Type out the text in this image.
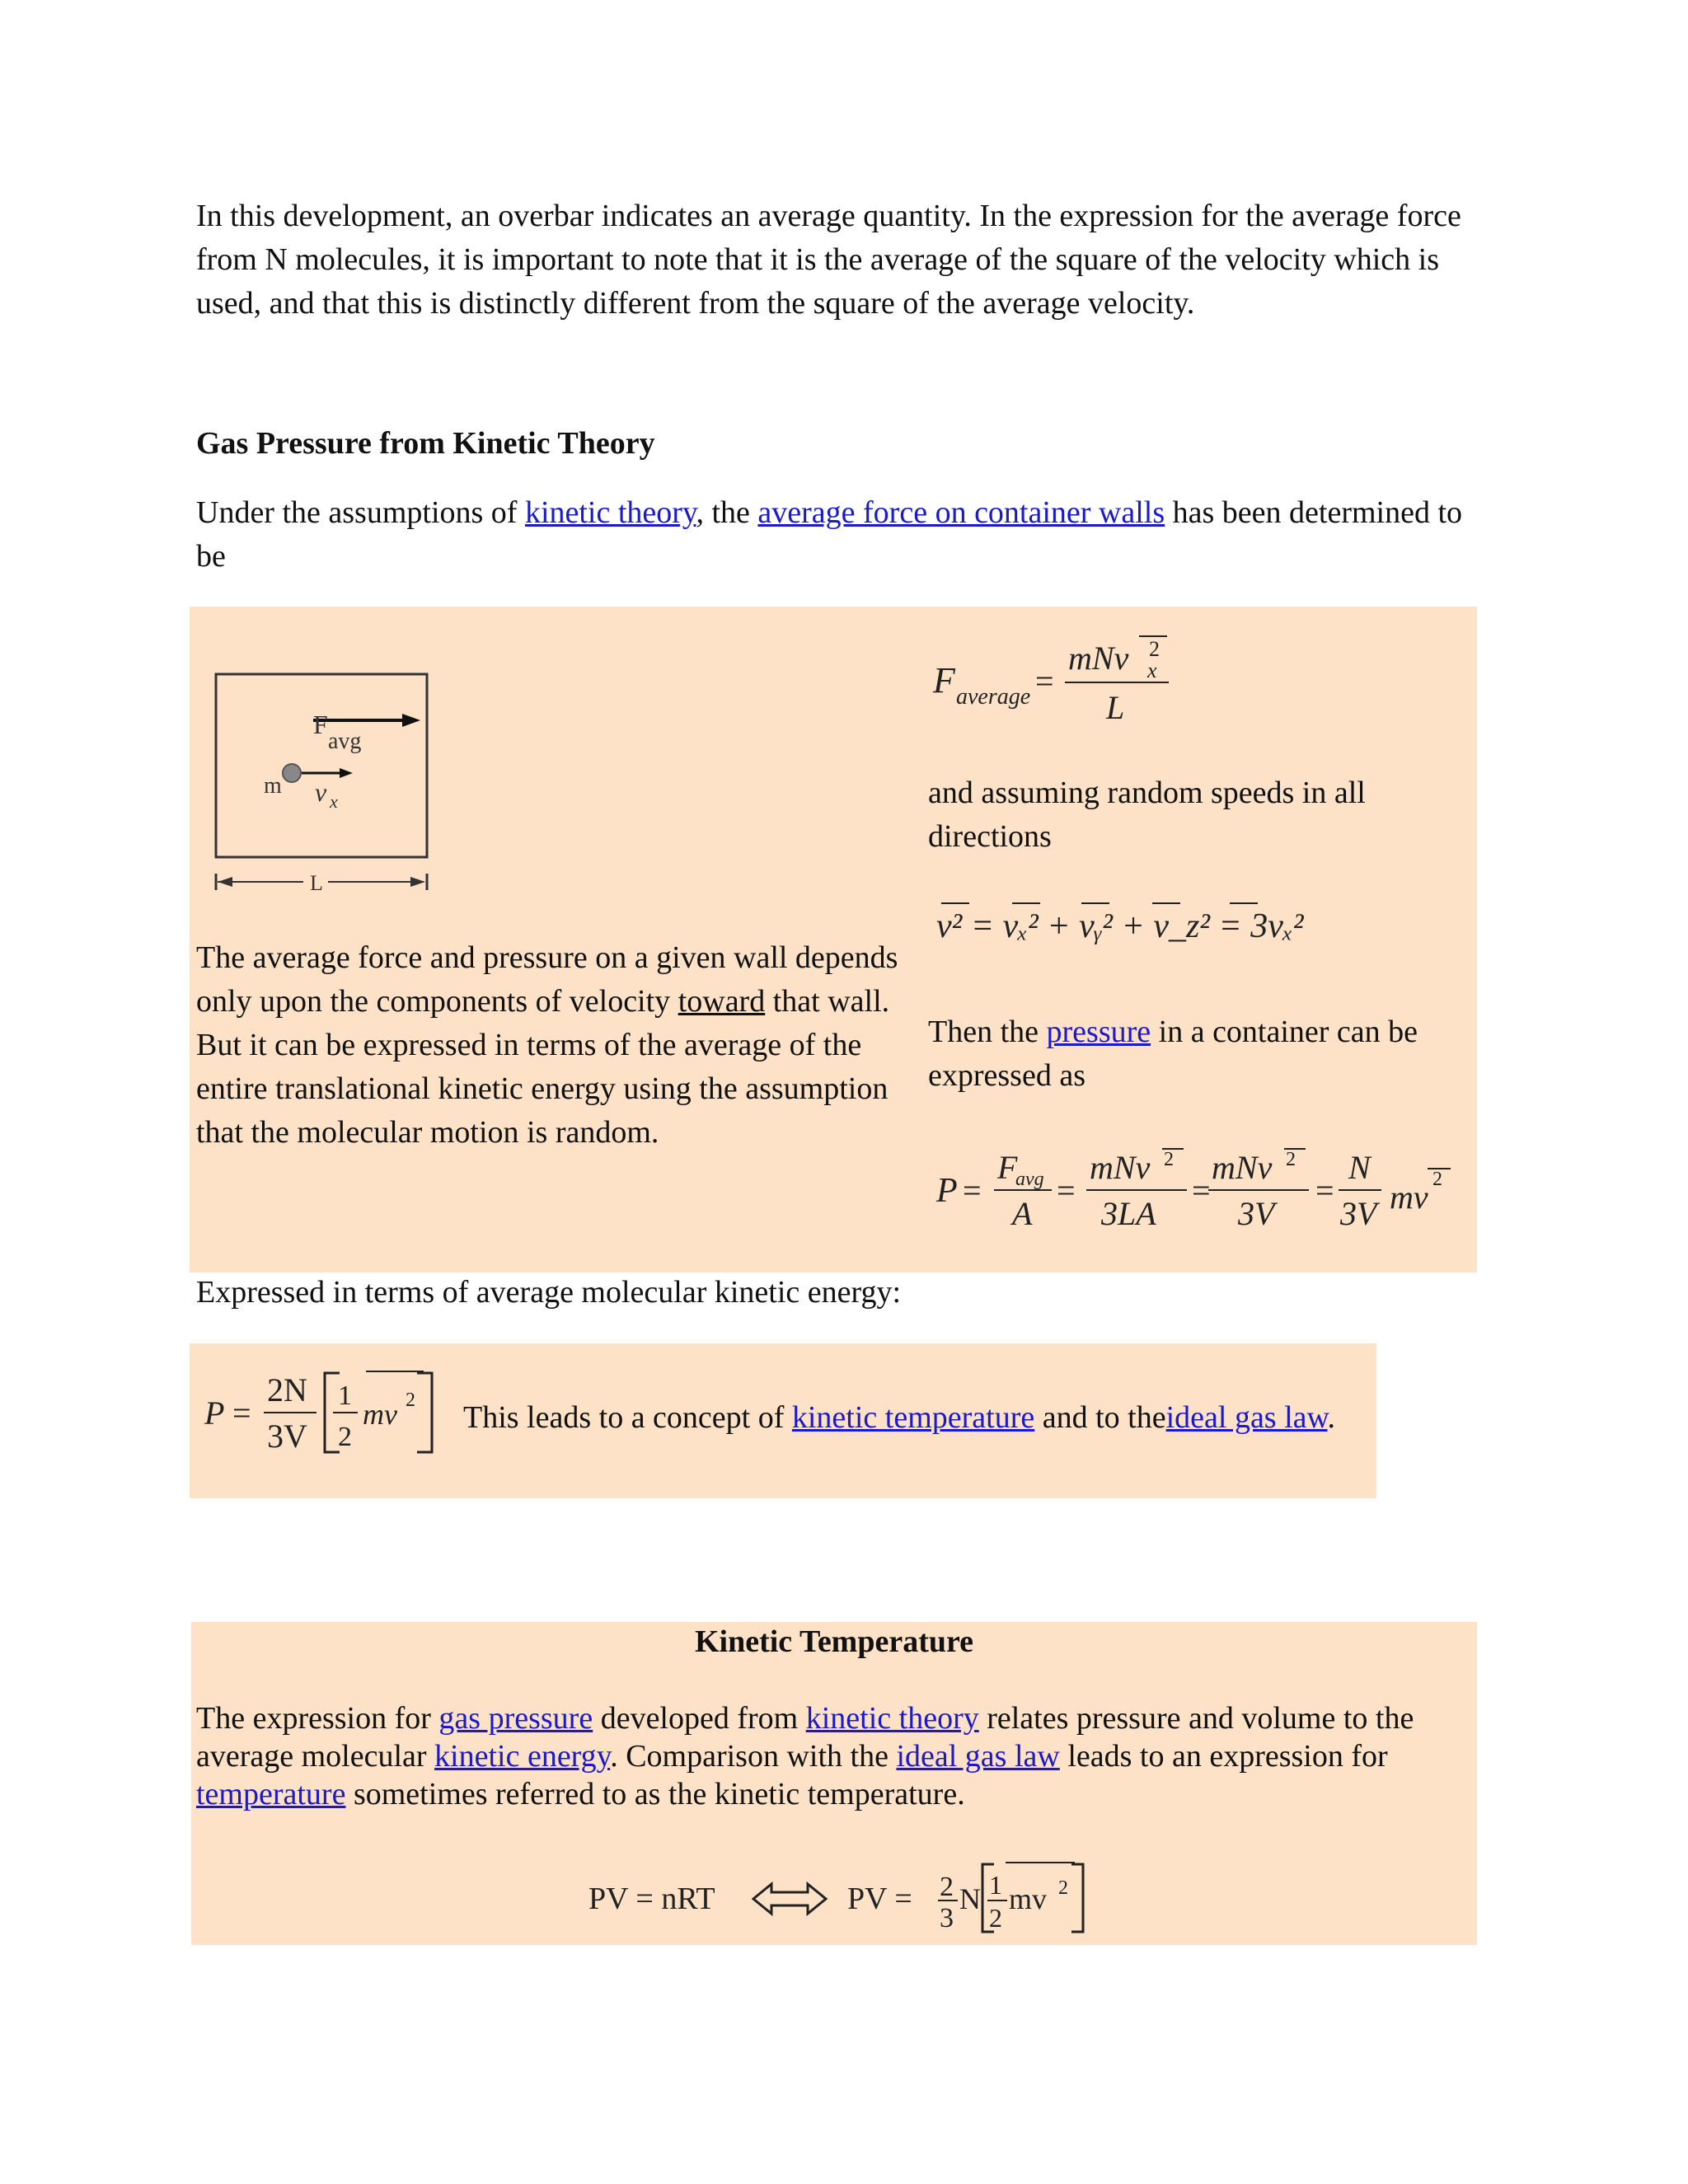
In this development, an overbar indicates an average quantity. In the expression for the average force from N molecules, it is important to note that it is the average of the square of the velocity which is used, and that this is distinctly different from the square of the average velocity.

Gas Pressure from Kinetic Theory

Under the assumptions of kinetic theory, the average force on container walls has been determined to be

F
avg
m v x
L

The average force and pressure on a given wall depends only upon the components of velocity toward that wall. But it can be expressed in terms of the average of the entire translational kinetic energy using the assumption that the molecular motion is random.

F average =
mNv 2
x
L

and assuming random speeds in all directions

v² = vₓ² + vᵧ² + v_z² = 3vₓ²

Then the pressure in a container can be expressed as

P =
F
avg
A
=
mNv 2
3LA
=
mNv 2
3V
=
N
3V mv 2

Expressed in terms of average molecular kinetic energy:

P =
2N
3V
1
2
mv 2 This leads to a concept of kinetic temperature and to theideal gas law.

Kinetic Temperature

The expression for gas pressure developed from kinetic theory relates pressure and volume to the average molecular kinetic energy. Comparison with the ideal gas law leads to an expression for temperature sometimes referred to as the kinetic temperature.

PV = nRT	PV = 2
3
N 1
2
mv 2
